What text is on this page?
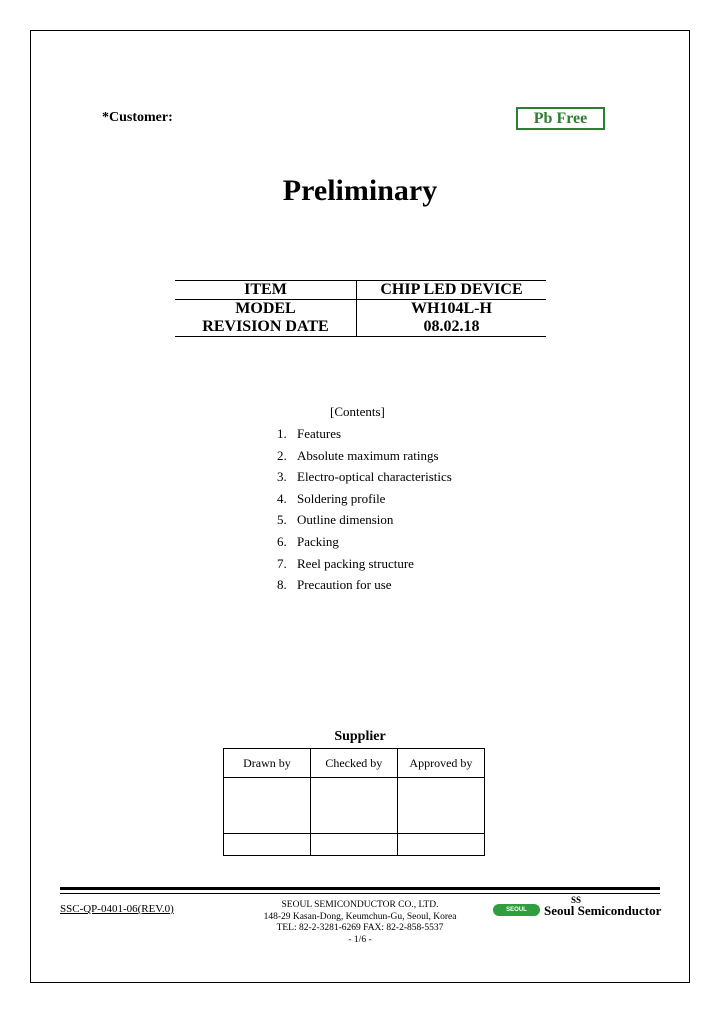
*Customer:	Pb Free
Preliminary
ITEM	CHIP LED DEVICE
MODEL	WH104L-H
REVISION DATE	08.02.18
[Contents]
1. Features
2. Absolute maximum ratings
3. Electro-optical characteristics
4. Soldering profile
5. Outline dimension
6. Packing
7. Reel packing structure
8. Precaution for use
Supplier
Drawn by	Checked by	Approved by

SSC-QP-0401-06(REV.0)	SEOUL SEMICONDUCTOR CO., LTD.
148-29 Kasan-Dong, Keumchun-Gu, Seoul, Korea
TEL: 82-2-3281-6269 FAX: 82-2-858-5537
- 1/6 -
SEOUL
SS
Seoul Semiconductor
